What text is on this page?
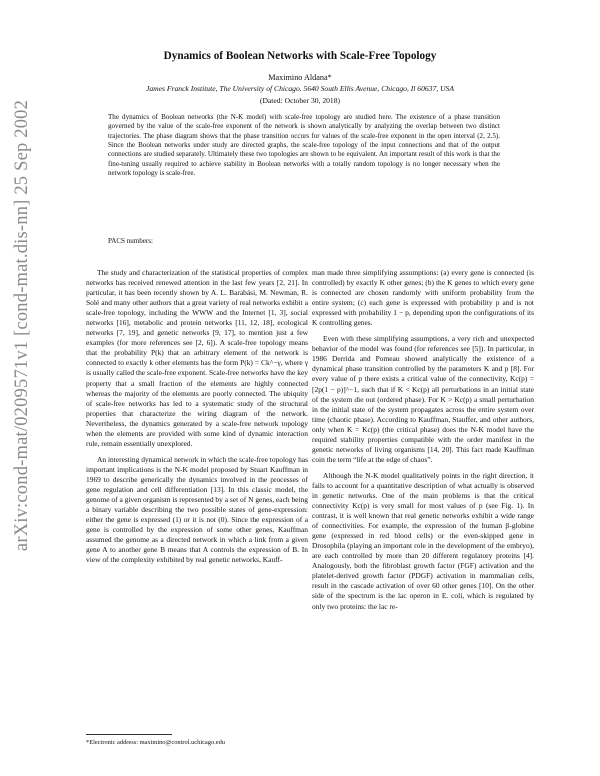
arXiv:cond-mat/0209571v1 [cond-mat.dis-nn] 25 Sep 2002
Dynamics of Boolean Networks with Scale-Free Topology
Maximino Aldana*
James Franck Institute, The University of Chicago. 5640 South Ellis Avenue, Chicago, Il 60637, USA
(Dated: October 30, 2018)
The dynamics of Boolean networks (the N-K model) with scale-free topology are studied here. The existence of a phase transition governed by the value of the scale-free exponent of the network is shown analytically by analyzing the overlap between two distinct trajectories. The phase diagram shows that the phase transition occurs for values of the scale-free exponent in the open interval (2, 2.5). Since the Boolean networks under study are directed graphs, the scale-free topology of the input connections and that of the output connections are studied separately. Ultimately these two topologies are shown to be equivalent. An important result of this work is that the fine-tuning usually required to achieve stability in Boolean networks with a totally random topology is no longer necessary when the network topology is scale-free.
PACS numbers:

The study and characterization of the statistical properties of complex networks has received renewed attention in the last few years [2, 21]. In particular, it has been recently shown by A. L. Barabási, M. Newman, R. Solé and many other authors that a great variety of real networks exhibit a scale-free topology, including the WWW and the Internet [1, 3], social networks [16], metabolic and protein networks [11, 12, 18], ecological networks [7, 19], and genetic networks [9, 17], to mention just a few examples (for more references see [2, 6]). A scale-free topology means that the probability P(k) that an arbitrary element of the network is connected to exactly k other elements has the form P(k) = Ck^−γ, where γ is usually called the scale-free exponent. Scale-free networks have the key property that a small fraction of the elements are highly connected whereas the majority of the elements are poorly connected. The ubiquity of scale-free networks has led to a systematic study of the structural properties that characterize the wiring diagram of the network. Nevertheless, the dynamics generated by a scale-free network topology when the elements are provided with some kind of dynamic interaction rule, remain essentially unexplored.

An interesting dynamical network in which the scale-free topology has important implications is the N-K model proposed by Stuart Kauffman in 1969 to describe generically the dynamics involved in the processes of gene regulation and cell differentiation [13]. In this classic model, the genome of a given organism is represented by a set of N genes, each being a binary variable describing the two possible states of gene-expression: either the gene is expressed (1) or it is not (0). Since the expression of a gene is controlled by the expression of some other genes, Kauffman assumed the genome as a directed network in which a link from a given gene A to another gene B means that A controls the expression of B. In view of the complexity exhibited by real genetic networks, Kauff-

man made three simplifying assumptions: (a) every gene is connected (is controlled) by exactly K other genes; (b) the K genes to which every gene is connected are chosen randomly with uniform probability from the entire system; (c) each gene is expressed with probability p and is not expressed with probability 1 − p, depending upon the configurations of its K controlling genes.

Even with these simplifying assumptions, a very rich and unexpected behavior of the model was found (for references see [5]). In particular, in 1986 Derrida and Pomeau showed analytically the existence of a dynamical phase transition controlled by the parameters K and p [8]. For every value of p there exists a critical value of the connectivity, Kc(p) = [2p(1 − p)]^−1, such that if K < Kc(p) all perturbations in an initial state of the system die out (ordered phase). For K > Kc(p) a small perturbation in the initial state of the system propagates across the entire system over time (chaotic phase). According to Kauffman, Stauffer, and other authors, only when K = Kc(p) (the critical phase) does the N-K model have the required stability properties compatible with the order manifest in the genetic networks of living organisms [14, 20]. This fact made Kauffman coin the term “life at the edge of chaos”.

Although the N-K model qualitatively points in the right direction, it fails to account for a quantitative description of what actually is observed in genetic networks. One of the main problems is that the critical connectivity Kc(p) is very small for most values of p (see Fig. 1). In contrast, it is well known that real genetic networks exhibit a wide range of connectivities. For example, the expression of the human β-globine gene (expressed in red blood cells) or the even-skipped gene in Drosophila (playing an important role in the development of the embryo), are each controlled by more than 20 different regulatory proteins [4]. Analogously, both the fibroblast growth factor (FGF) activation and the platelet-derived growth factor (PDGF) activation in mammalian cells, result in the cascade activation of over 60 other genes [10]. On the other side of the spectrum is the lac operon in E. coli, which is regulated by only two proteins: the lac re-

*Electronic address: maximino@control.uchicago.edu
